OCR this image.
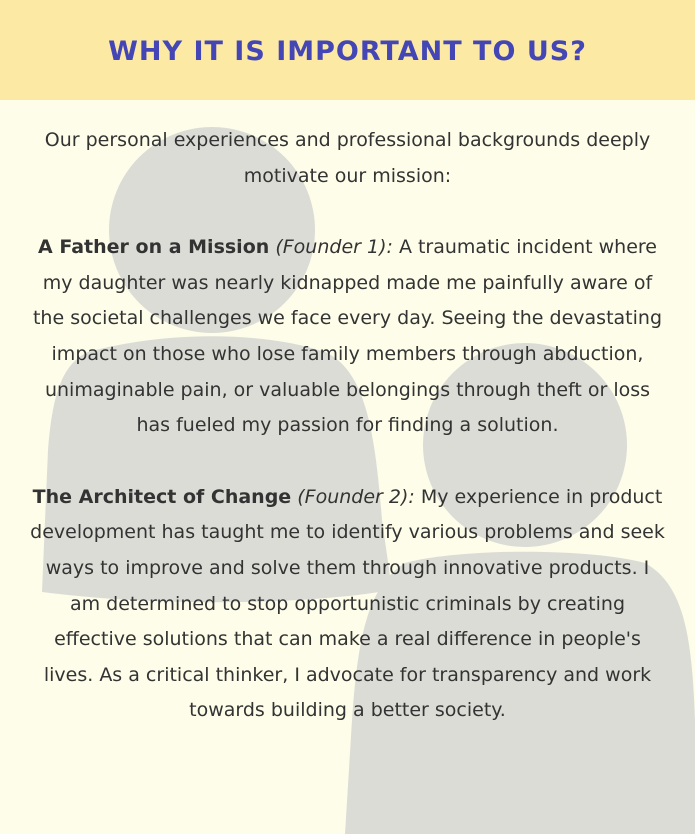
WHY IT IS IMPORTANT TO US?

Our personal experiences and professional backgrounds deeply motivate our mission:

A Father on a Mission (Founder 1): A traumatic incident where my daughter was nearly kidnapped made me painfully aware of the societal challenges we face every day. Seeing the devastating impact on those who lose family members through abduction, unimaginable pain, or valuable belongings through theft or loss has fueled my passion for finding a solution.

The Architect of Change (Founder 2): My experience in product development has taught me to identify various problems and seek ways to improve and solve them through innovative products. I am determined to stop opportunistic criminals by creating effective solutions that can make a real difference in people's lives. As a critical thinker, I advocate for transparency and work towards building a better society.
